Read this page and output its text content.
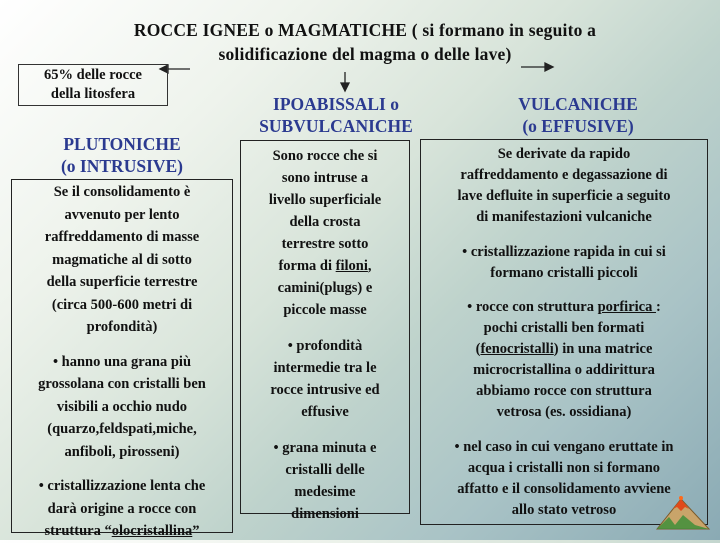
ROCCE IGNEE o MAGMATICHE ( si formano in seguito a
solidificazione del magma o delle lave)
65% delle rocce
della litosfera
PLUTONICHE
(o INTRUSIVE)
IPOABISSALI o
SUBVULCANICHE
VULCANICHE
(o EFFUSIVE)
Se il consolidamento è
avvenuto per lento
raffreddamento di masse
magmatiche al di sotto
della superficie terrestre
(circa 500-600 metri di
profondità)
• hanno una grana più
grossolana con cristalli ben
visibili a occhio nudo
(quarzo,feldspati,miche,
anfiboli, pirosseni)
• cristallizzazione lenta che
darà origine a rocce con
struttura “olocristallina”
Sono rocce che si
sono intruse a
livello superficiale
della crosta
terrestre sotto
forma di filoni,
camini(plugs) e
piccole masse
• profondità
intermedie tra le
rocce intrusive ed
effusive
• grana minuta e
cristalli delle
medesime
dimensioni
Se derivate da rapido
raffreddamento e degassazione di
lave defluite in superficie a seguito
di manifestazioni vulcaniche
• cristallizzazione rapida in cui si
formano cristalli piccoli
• rocce con struttura porfirica :
pochi cristalli ben formati
(fenocristalli) in una matrice
microcristallina o addirittura
abbiamo rocce con struttura
vetrosa (es. ossidiana)
• nel caso in cui vengano eruttate in
acqua i cristalli non si formano
affatto e il consolidamento avviene
allo stato vetroso
